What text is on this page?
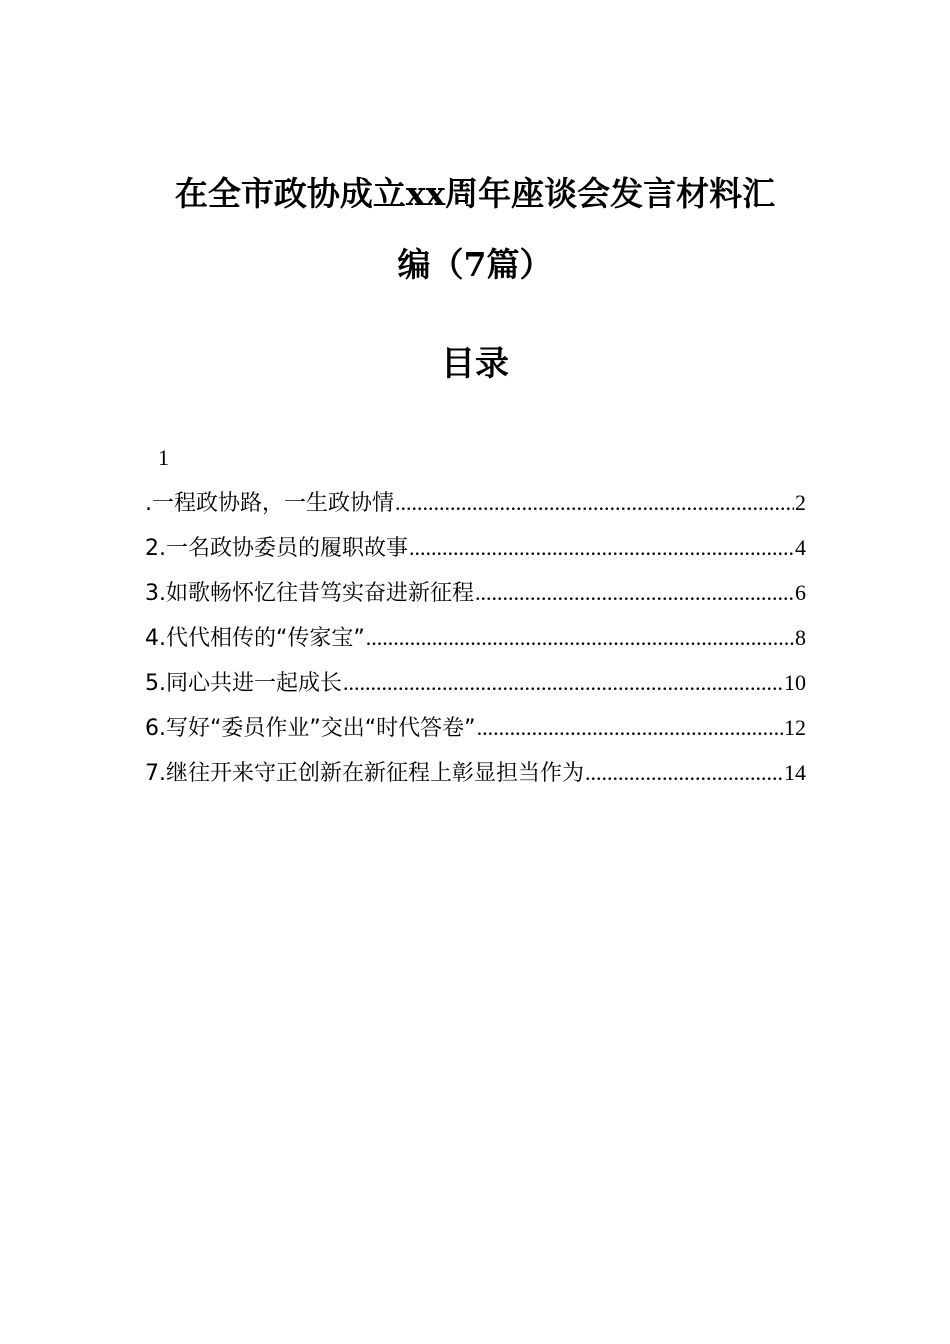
在全市政协成立xx周年座谈会发言材料汇
编（7篇）
目录
1
.一程政协路，一生政协情 .....	2
2.一名政协委员的履职故事 .....	4
3.如歌畅怀忆往昔笃实奋进新征程 .....	6
4.代代相传的“传家宝” .....	8
5.同心共进一起成长 .....	10
6.写好“委员作业”交出“时代答卷” .....	12
7.继往开来守正创新在新征程上彰显担当作为 .....	14
